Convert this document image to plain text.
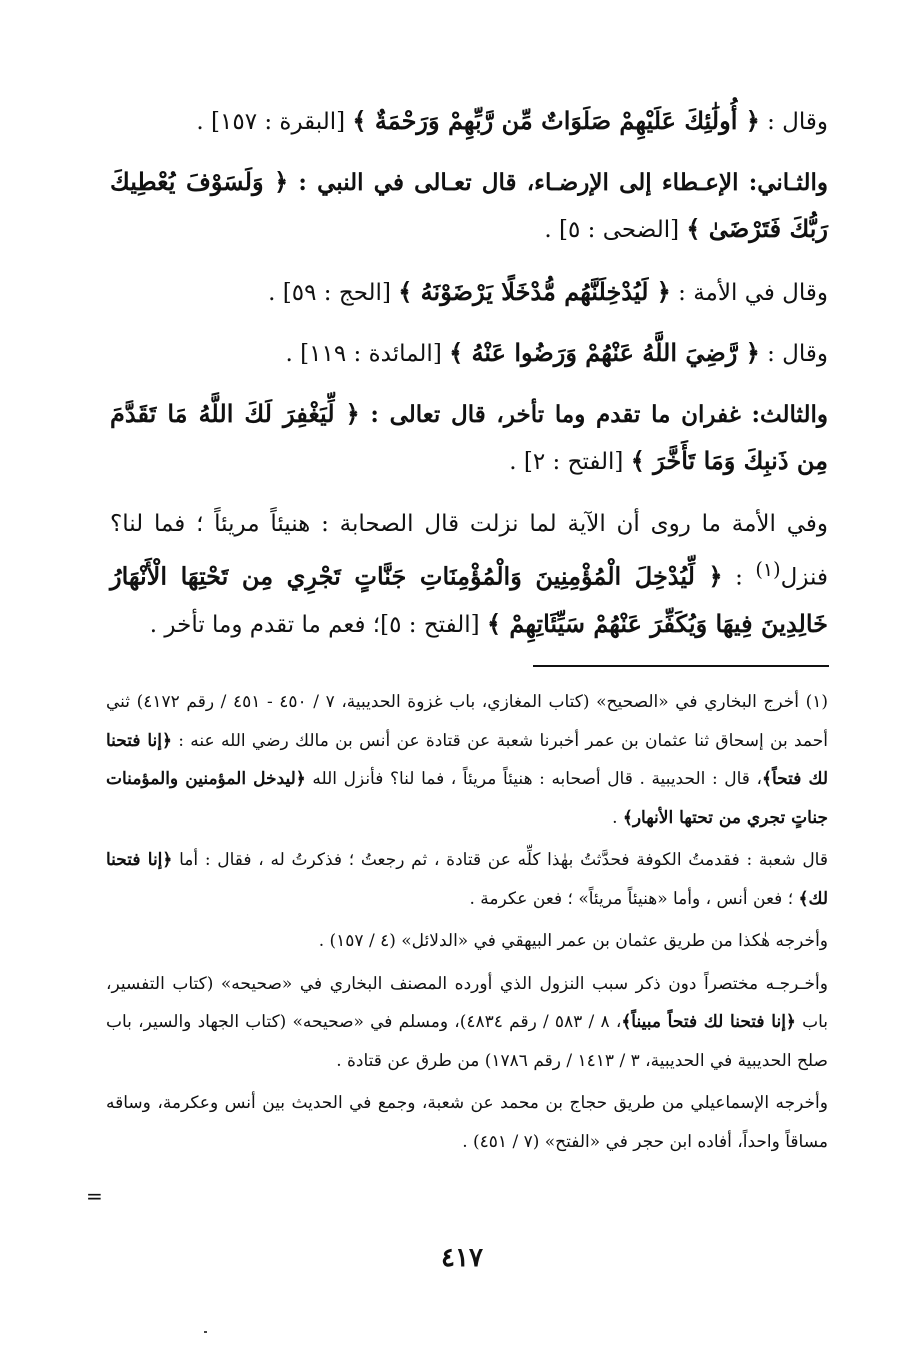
وقال : ﴿ أُولَٰئِكَ عَلَيْهِمْ صَلَوَاتٌ مِّن رَّبِّهِمْ وَرَحْمَةٌ ﴾ [البقرة : ١٥٧] .

والثـاني: الإعـطاء إلى الإرضـاء، قال تعـالى في النبي : ﴿ وَلَسَوْفَ يُعْطِيكَ رَبُّكَ فَتَرْضَىٰ ﴾ [الضحى : ٥] .

وقال في الأمة : ﴿ لَيُدْخِلَنَّهُم مُّدْخَلًا يَرْضَوْنَهُ ﴾ [الحج : ٥٩] .

وقال : ﴿ رَّضِيَ اللَّهُ عَنْهُمْ وَرَضُوا عَنْهُ ﴾ [المائدة : ١١٩] .

والثالث: غفران ما تقدم وما تأخر، قال تعالى : ﴿ لِّيَغْفِرَ لَكَ اللَّهُ مَا تَقَدَّمَ مِن ذَنبِكَ وَمَا تَأَخَّرَ ﴾ [الفتح : ٢] .

وفي الأمة ما روى أن الآية لما نزلت قال الصحابة : هنيئاً مريئاً ؛ فما لنا؟ فنزل$^{(١)}$ : ﴿ لِّيُدْخِلَ الْمُؤْمِنِينَ وَالْمُؤْمِنَاتِ جَنَّاتٍ تَجْرِي مِن تَحْتِهَا الْأَنْهَارُ خَالِدِينَ فِيهَا وَيُكَفِّرَ عَنْهُمْ سَيِّئَاتِهِمْ ﴾ [الفتح : ٥]؛ فعم ما تقدم وما تأخر .

(١) أخرج البخاري في «الصحيح» (كتاب المغازي، باب غزوة الحديبية، ٧ / ٤٥٠ - ٤٥١ / رقم ٤١٧٢) ثني أحمد بن إسحاق ثنا عثمان بن عمر أخبرنا شعبة عن قتادة عن أنس بن مالك رضي الله عنه : ﴿إنا فتحنا لك فتحاً﴾، قال : الحديبية . قال أصحابه : هنيئاً مريئاً ، فما لنا؟ فأنزل الله ﴿ليدخل المؤمنين والمؤمنات جناتٍ تجري من تحتها الأنهار﴾ .

قال شعبة : فقدمتُ الكوفة فحدَّثتُ بهٰذا كلِّه عن قتادة ، ثم رجعتُ ؛ فذكرتُ له ، فقال : أما ﴿إنا فتحنا لك﴾ ؛ فعن أنس ، وأما «هنيئاً مريئاً» ؛ فعن عكرمة .

وأخرجه هٰكذا من طريق عثمان بن عمر البيهقي في «الدلائل» (٤ / ١٥٧) .

وأخـرجـه مختصراً دون ذكر سبب النزول الذي أورده المصنف البخاري في «صحيحه» (كتاب التفسير، باب ﴿إنا فتحنا لك فتحاً مبيناً﴾، ٨ / ٥٨٣ / رقم ٤٨٣٤)، ومسلم في «صحيحه» (كتاب الجهاد والسير، باب صلح الحديبية في الحديبية، ٣ / ١٤١٣ / رقم ١٧٨٦) من طرق عن قتادة .

وأخرجه الإسماعيلي من طريق حجاج بن محمد عن شعبة، وجمع في الحديث بين أنس وعكرمة، وساقه مساقاً واحداً، أفاده ابن حجر في «الفتح» (٧ / ٤٥١) .

=
٤١٧
